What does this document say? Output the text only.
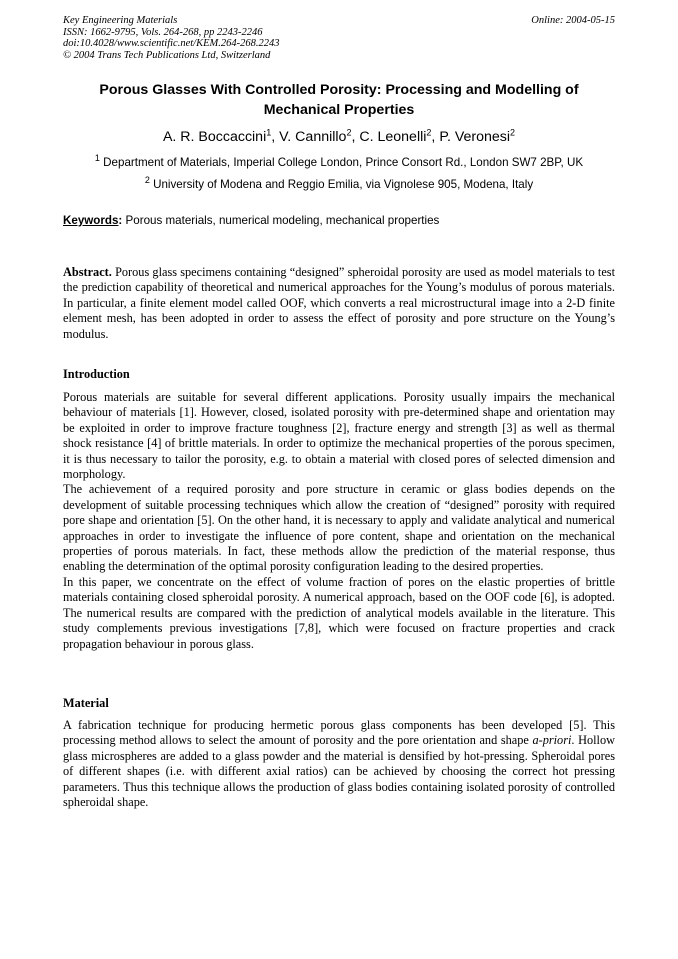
Key Engineering Materials
ISSN: 1662-9795, Vols. 264-268, pp 2243-2246
doi:10.4028/www.scientific.net/KEM.264-268.2243
© 2004 Trans Tech Publications Ltd, Switzerland
Online: 2004-05-15
Porous Glasses With Controlled Porosity: Processing and Modelling of Mechanical Properties
A. R. Boccaccini$^1$, V. Cannillo$^2$, C. Leonelli$^2$, P. Veronesi$^2$
$^1$ Department of Materials, Imperial College London, Prince Consort Rd., London SW7 2BP, UK
$^2$ University of Modena and Reggio Emilia, via Vignolese 905, Modena, Italy
Keywords: Porous materials, numerical modeling, mechanical properties
Abstract. Porous glass specimens containing “designed” spheroidal porosity are used as model materials to test the prediction capability of theoretical and numerical approaches for the Young’s modulus of porous materials. In particular, a finite element model called OOF, which converts a real microstructural image into a 2-D finite element mesh, has been adopted in order to assess the effect of porosity and pore structure on the Young’s modulus.
Introduction

Porous materials are suitable for several different applications. Porosity usually impairs the mechanical behaviour of materials [1]. However, closed, isolated porosity with pre-determined shape and orientation may be exploited in order to improve fracture toughness [2], fracture energy and strength [3] as well as thermal shock resistance [4] of brittle materials. In order to optimize the mechanical properties of the porous specimen, it is thus necessary to tailor the porosity, e.g. to obtain a material with closed pores of selected dimension and morphology.

The achievement of a required porosity and pore structure in ceramic or glass bodies depends on the development of suitable processing techniques which allow the creation of “designed” porosity with required pore shape and orientation [5]. On the other hand, it is necessary to apply and validate analytical and numerical approaches in order to investigate the influence of pore content, shape and orientation on the mechanical properties of porous materials. In fact, these methods allow the prediction of the material response, thus enabling the determination of the optimal porosity configuration leading to the desired properties.

In this paper, we concentrate on the effect of volume fraction of pores on the elastic properties of brittle materials containing closed spheroidal porosity. A numerical approach, based on the OOF code [6], is adopted. The numerical results are compared with the prediction of analytical models available in the literature. This study complements previous investigations [7,8], which were focused on fracture properties and crack propagation behaviour in porous glass.

Material
A fabrication technique for producing hermetic porous glass components has been developed [5]. This processing method allows to select the amount of porosity and the pore orientation and shape a-priori. Hollow glass microspheres are added to a glass powder and the material is densified by hot-pressing. Spheroidal pores of different shapes (i.e. with different axial ratios) can be achieved by choosing the correct hot pressing parameters. Thus this technique allows the production of glass bodies containing isolated porosity of controlled spheroidal shape.
